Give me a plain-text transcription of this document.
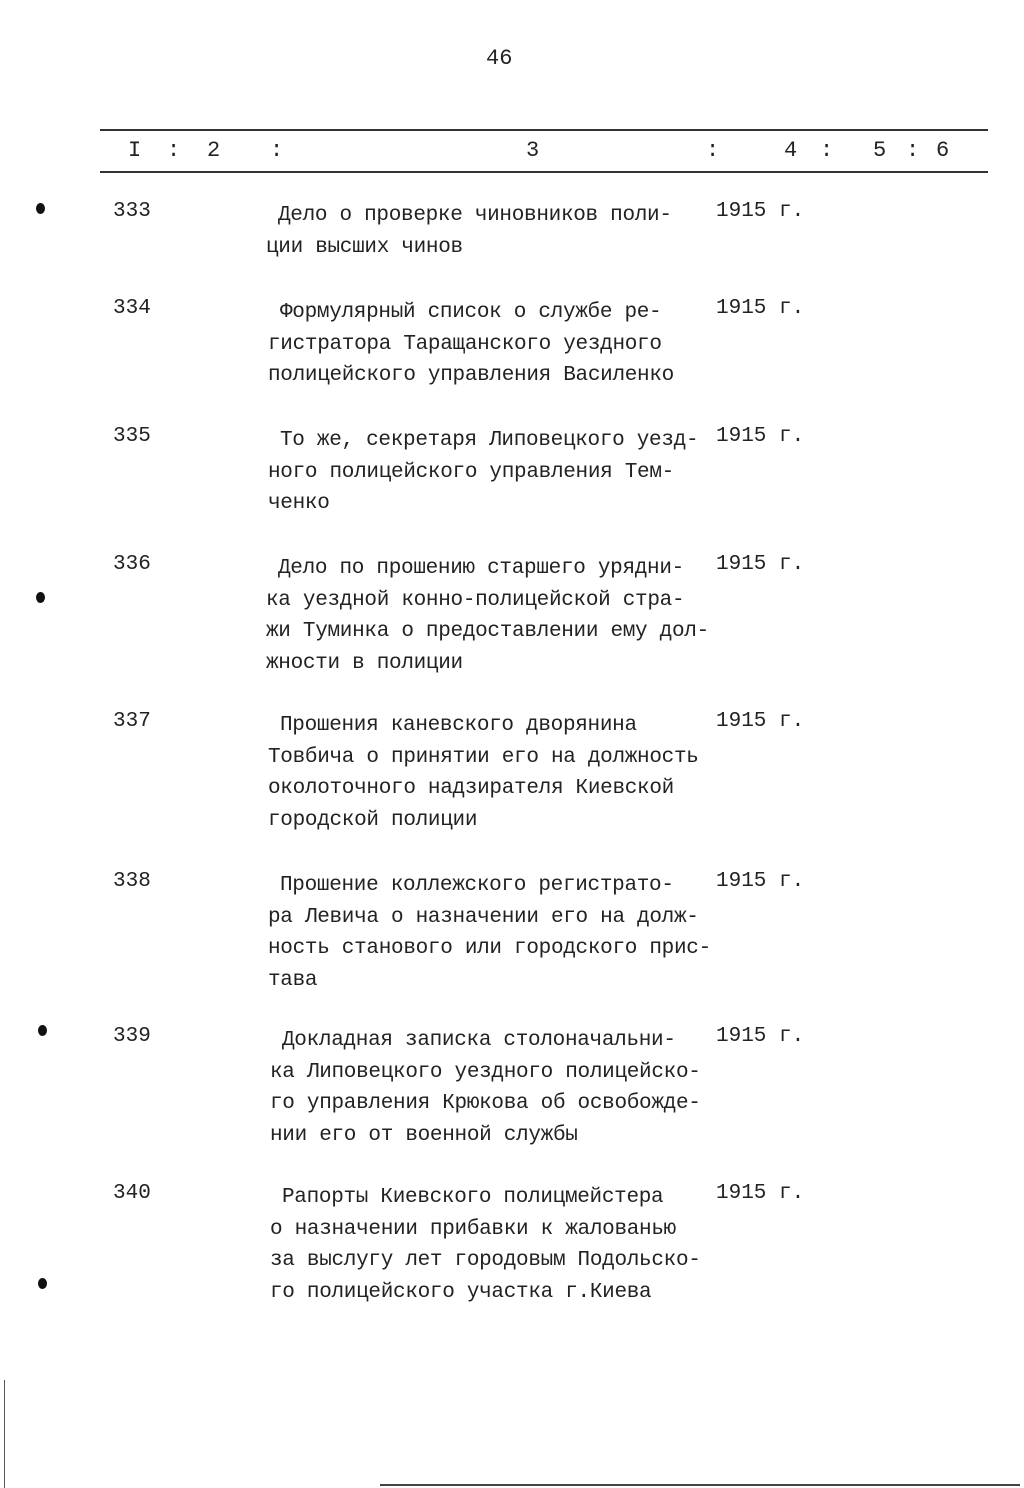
46
I : 2 :	3	:	4 : 5 : 6
333	Дело о проверке чиновников поли-
ции высших чинов
1915 г.
334	Формулярный список о службе ре-
гистратора Таращанского уездного
полицейского управления Василенко
1915 г.
335	То же, секретаря Липовецкого уезд-
ного полицейского управления Тем-
ченко
1915 г.
336	Дело по прошению старшего урядни-
ка уездной конно-полицейской стра-
жи Туминка о предоставлении ему дол-
жности в полиции
1915 г.
337	Прошения каневского дворянина
Товбича о принятии его на должность
околоточного надзирателя Киевской
городской полиции
1915 г.
338	Прошение коллежского регистрато-
ра Левича о назначении его на долж-
ность станового или городского прис-
тава
1915 г.
339	Докладная записка столоначальни-
ка Липовецкого уездного полицейско-
го управления Крюкова об освобожде-
нии его от военной службы
1915 г.
340	Рапорты Киевского полицмейстера
о назначении прибавки к жалованью
за выслугу лет городовым Подольско-
го полицейского участка г.Киева
1915 г.
